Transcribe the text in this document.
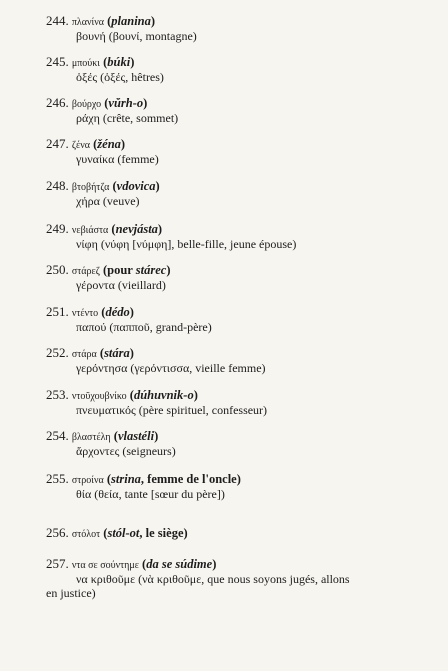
244. πλανίνα (planina)
βουνή (βουνί, montagne)
245. μπούκι (búki)
ὀξές (ὀξές, hêtres)
246. βούρχο (vŭrh-o)
ράχη (crête, sommet)
247. ζένα (žéna)
γυναίκα (femme)
248. βτοβήτζα (vdovica)
χήρα (veuve)
249. νεβιάστα (nevjásta)
νίφη (νύφη [νύμφη], belle-fille, jeune épouse)
250. στάρεζ (pour stárec)
γέροντα (vieillard)
251. ντέντο (dédo)
παπού (παπποῦ, grand-père)
252. στάρα (stára)
γερόντησα (γερόντισσα, vieille femme)
253. ντοῦχουβνίκο (dúhuvnik-o)
πνευματικός (père spirituel, confesseur)
254. βλαστέλη (vlastéli)
ἄρχοντες (seigneurs)
255. στροίνα (strina, femme de l'oncle)
θία (θεία, tante [sœur du père])
256. στόλοτ (stól-ot, le siège)
257. ντα σε σούντημε (da se súdime)
να κριθοῦμε (νὰ κριθοῦμε, que nous soyons jugés, allons
en justice)
